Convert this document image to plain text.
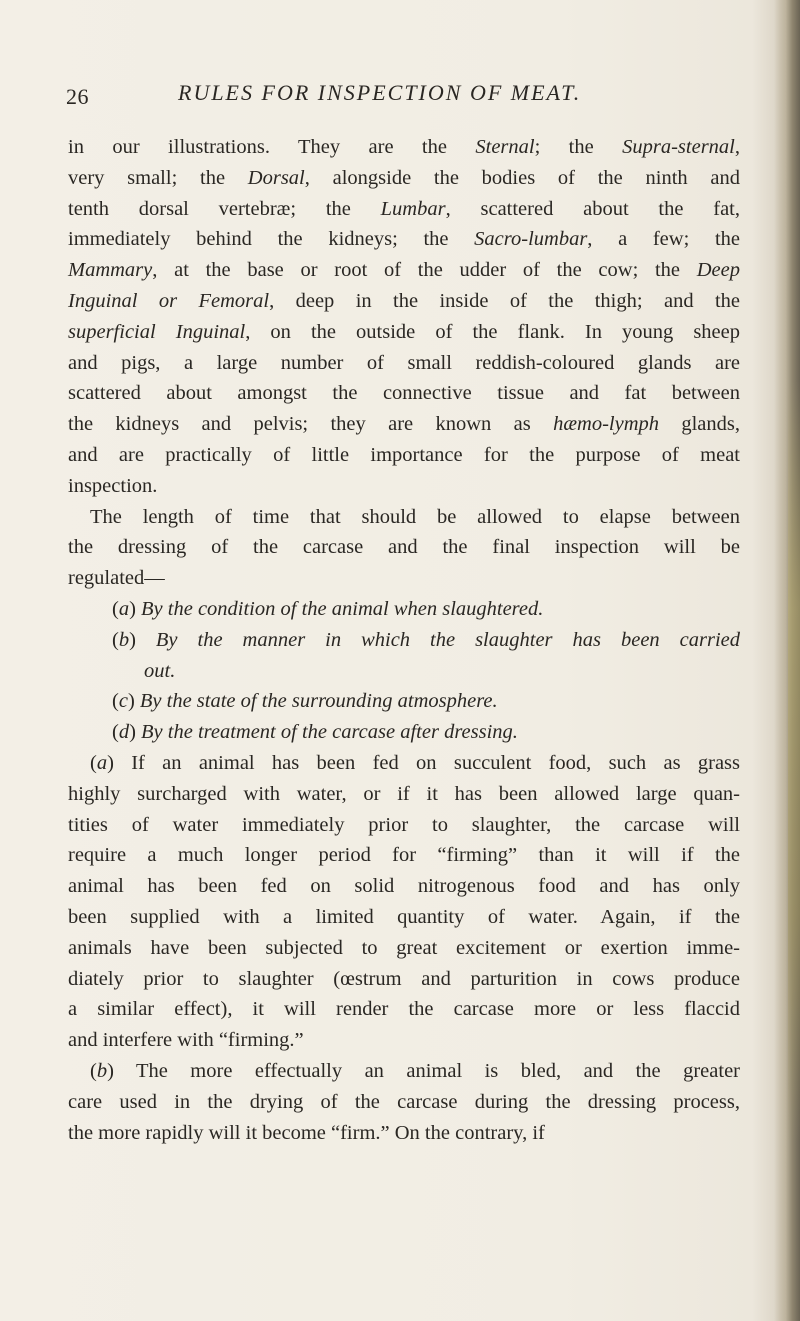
26	RULES FOR INSPECTION OF MEAT.
in our illustrations. They are the Sternal; the Supra-sternal,
very small; the Dorsal, alongside the bodies of the ninth and
tenth dorsal vertebræ; the Lumbar, scattered about the fat,
immediately behind the kidneys; the Sacro-lumbar, a few; the
Mammary, at the base or root of the udder of the cow; the Deep
Inguinal or Femoral, deep in the inside of the thigh; and the
superficial Inguinal, on the outside of the flank. In young sheep
and pigs, a large number of small reddish-coloured glands are
scattered about amongst the connective tissue and fat between
the kidneys and pelvis; they are known as hæmo-lymph glands,
and are practically of little importance for the purpose of meat
inspection.
The length of time that should be allowed to elapse between
the dressing of the carcase and the final inspection will be
regulated—
(a) By the condition of the animal when slaughtered.
(b) By the manner in which the slaughter has been carried
out.
(c) By the state of the surrounding atmosphere.
(d) By the treatment of the carcase after dressing.
(a) If an animal has been fed on succulent food, such as grass
highly surcharged with water, or if it has been allowed large quan-
tities of water immediately prior to slaughter, the carcase will
require a much longer period for “firming” than it will if the
animal has been fed on solid nitrogenous food and has only
been supplied with a limited quantity of water. Again, if the
animals have been subjected to great excitement or exertion imme-
diately prior to slaughter (œstrum and parturition in cows produce
a similar effect), it will render the carcase more or less flaccid
and interfere with “firming.”
(b) The more effectually an animal is bled, and the greater
care used in the drying of the carcase during the dressing process,
the more rapidly will it become “firm.” On the contrary, if
